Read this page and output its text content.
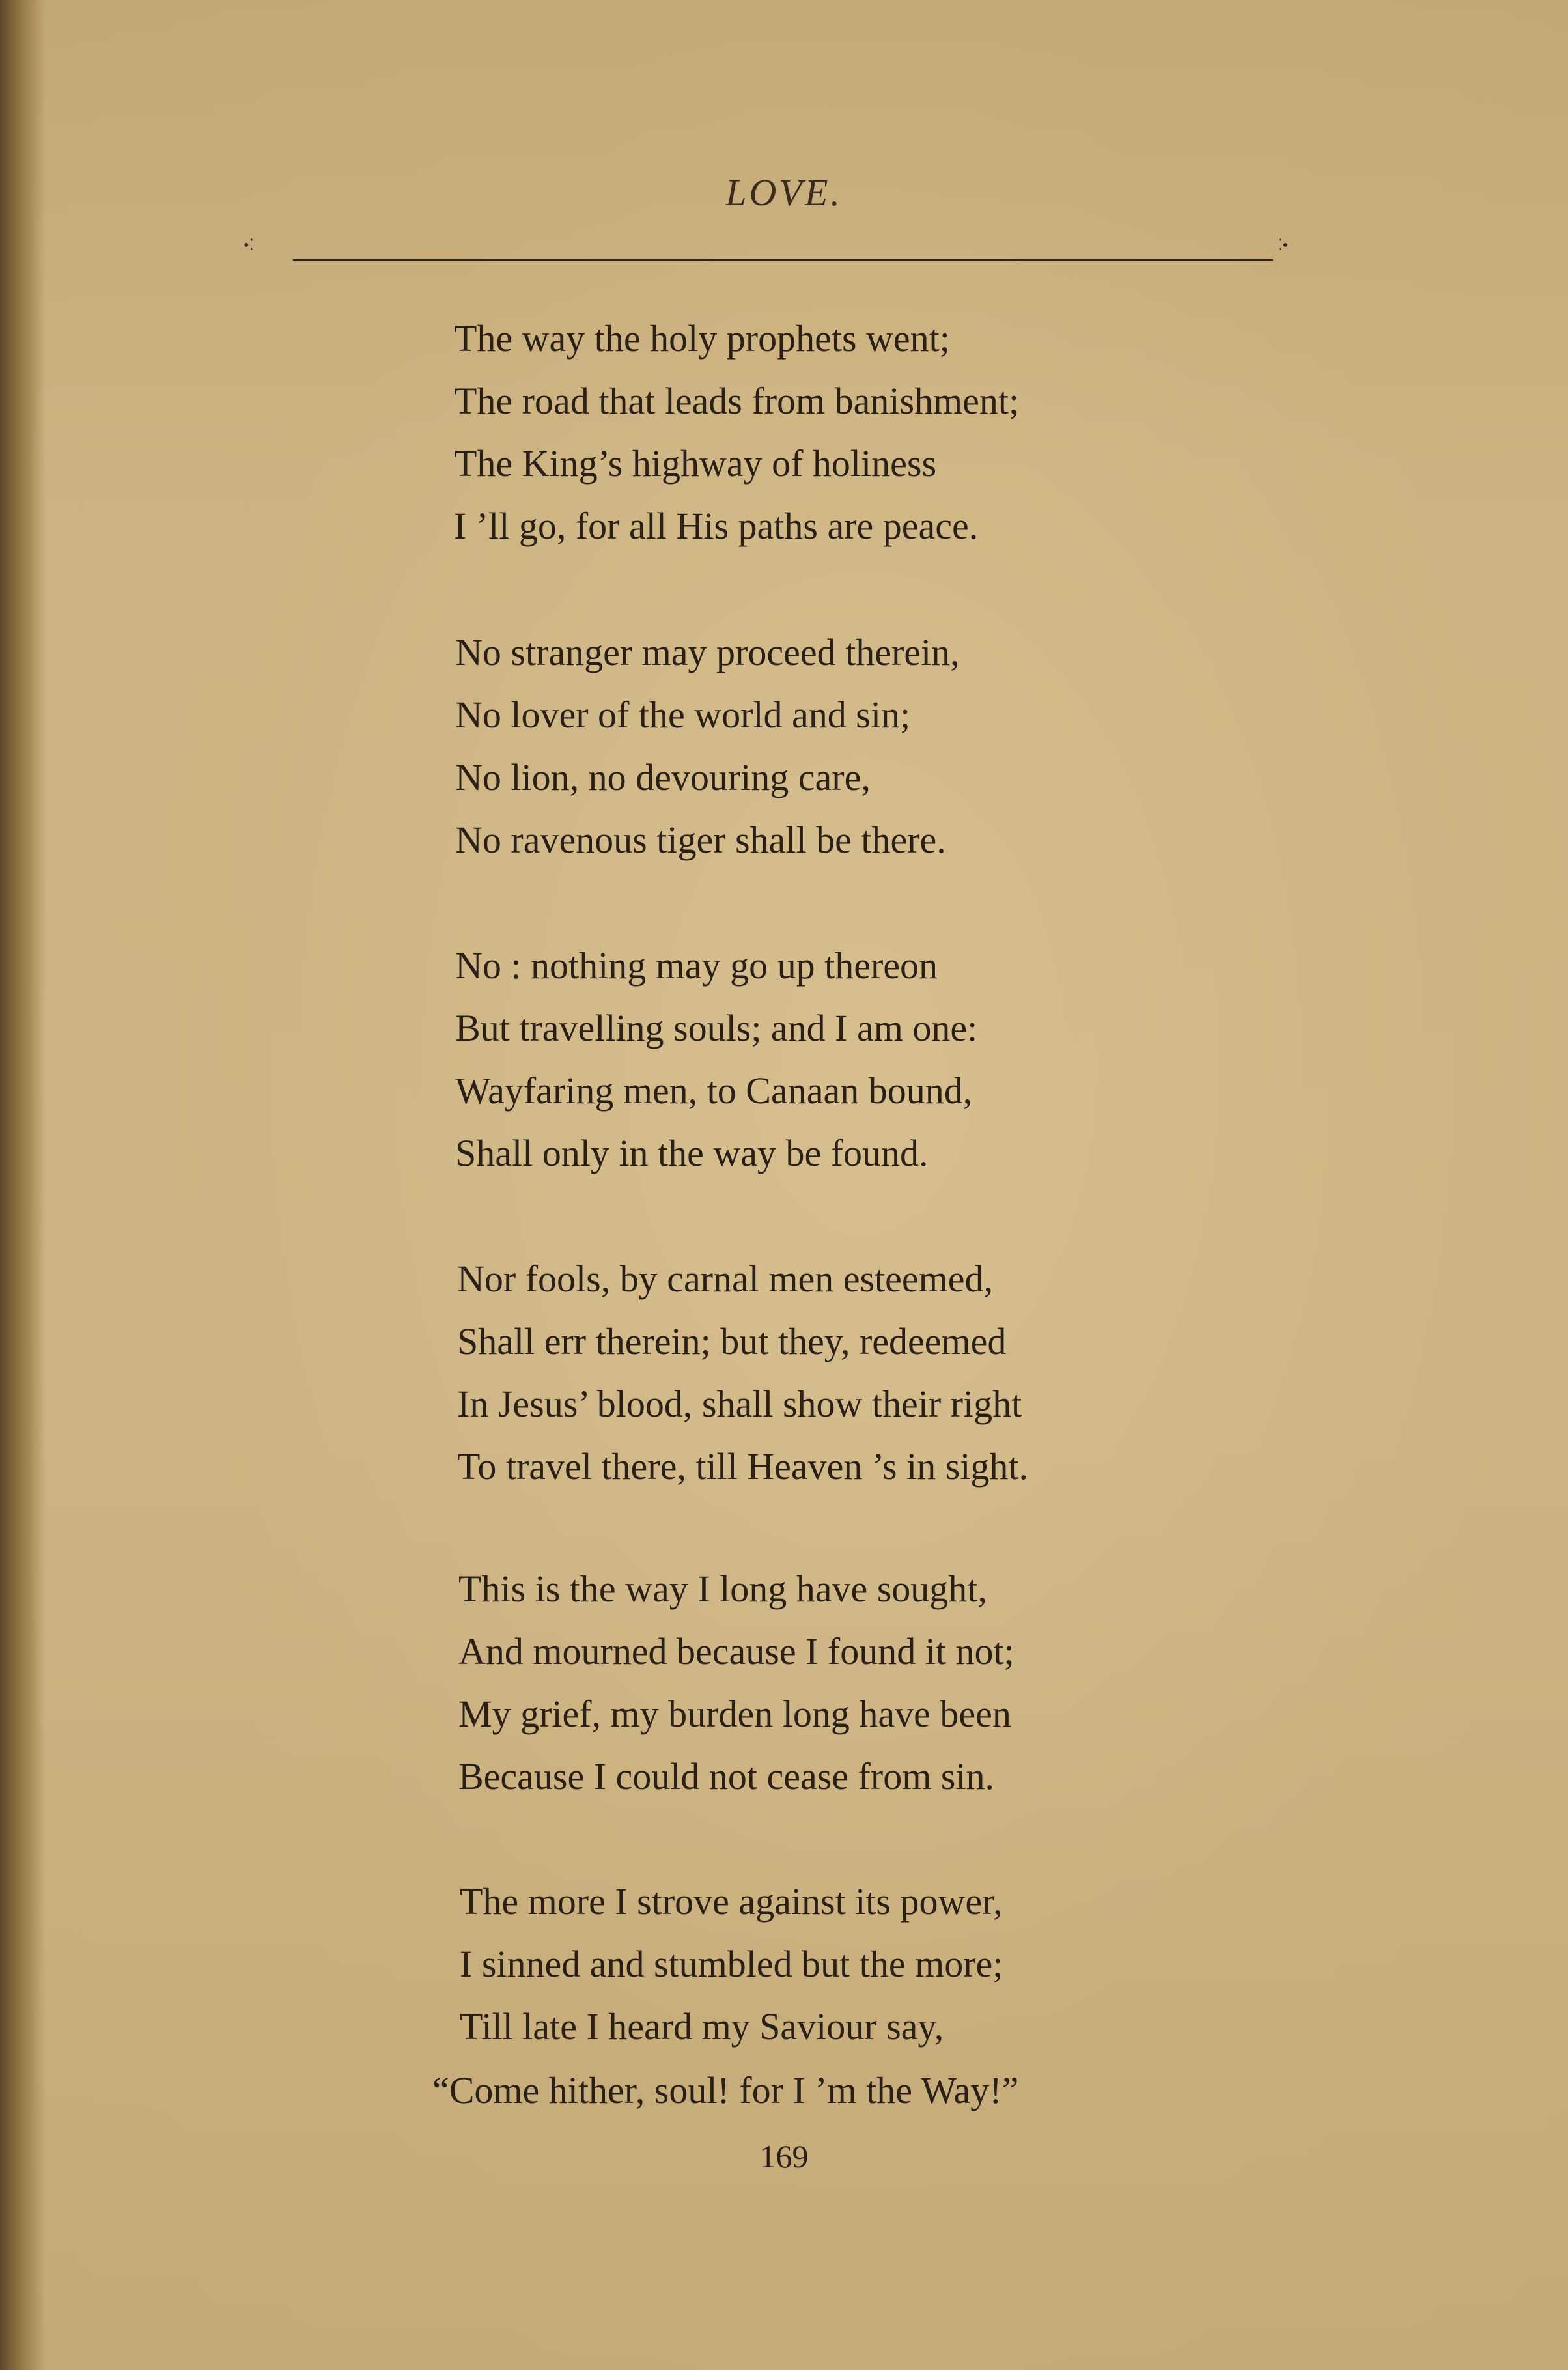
LOVE.
•⁚	⁚•
The way the holy prophets went;
The road that leads from banishment;
The King’s highway of holiness
I ’ll go, for all His paths are peace.
No stranger may proceed therein,
No lover of the world and sin;
No lion, no devouring care,
No ravenous tiger shall be there.
No : nothing may go up thereon
But travelling souls; and I am one:
Wayfaring men, to Canaan bound,
Shall only in the way be found.
Nor fools, by carnal men esteemed,
Shall err therein; but they, redeemed
In Jesus’ blood, shall show their right
To travel there, till Heaven ’s in sight.
This is the way I long have sought,
And mourned because I found it not;
My grief, my burden long have been
Because I could not cease from sin.
The more I strove against its power,
I sinned and stumbled but the more;
Till late I heard my Saviour say,
“Come hither, soul! for I ’m the Way!”
169
